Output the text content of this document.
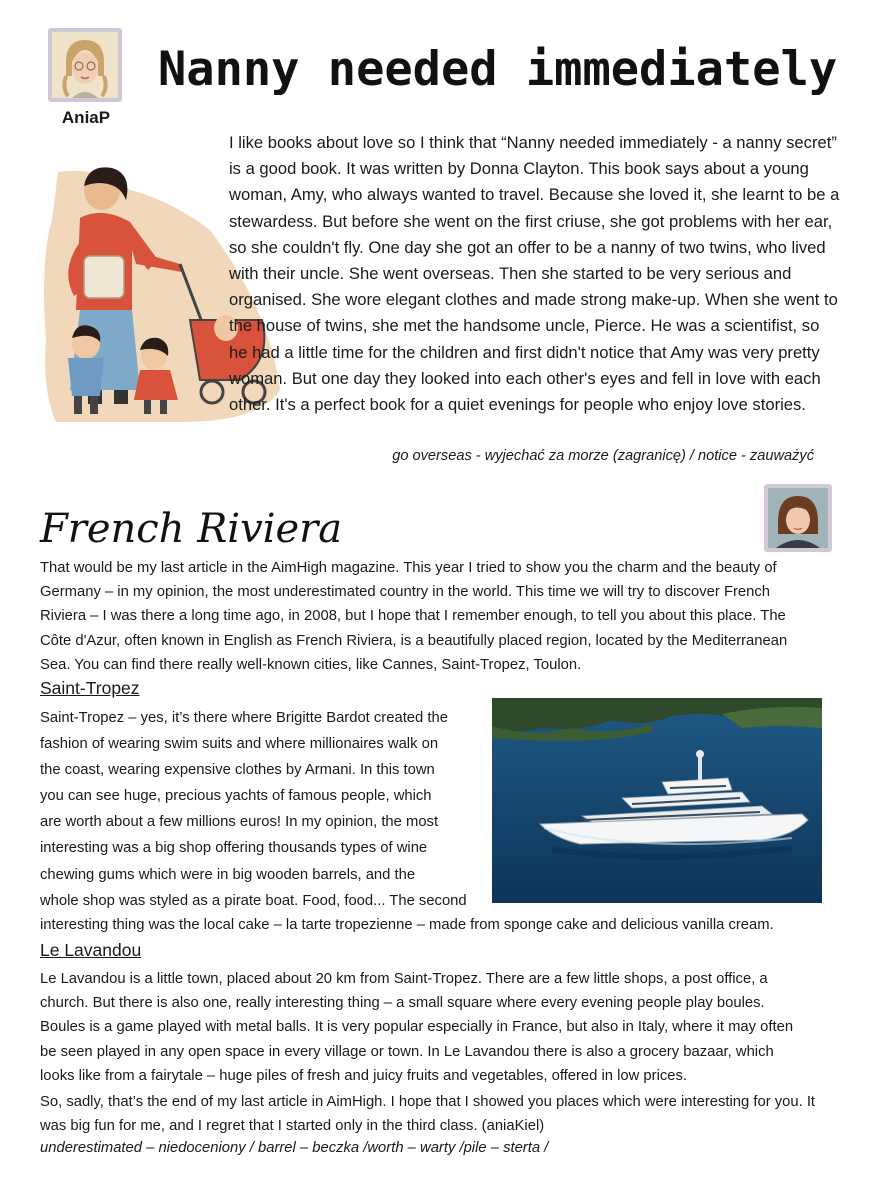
AniaP
Nanny needed immediately
I like books about love so I think that “Nanny needed immediately - a nanny secret” is a good book. It was written by Donna Clayton. This book says about a young woman, Amy, who always wanted to travel. Because she loved it, she learnt to be a stewardess. But before she went on the first criuse, she got problems with her ear, so she couldn't fly. One day she got an offer to be a nanny of two twins, who lived with their uncle. She went overseas. Then she started to be very serious and organised. She wore elegant clothes and made strong make-up. When she went to the house of twins, she met the handsome uncle, Pierce. He was a scientifist, so he had a little time for the children and first didn't notice that Amy was very pretty woman. But one day they looked into each other's eyes and fell in love with each other. It's a perfect book for a quiet evenings for people who enjoy love stories.
go overseas - wyjechać za morze (zagranicę) / notice - zauważyć
French Riviera
That would be my last article in the AimHigh magazine. This year I tried to show you the charm and the beauty of Germany – in my opinion, the most underestimated country in the world. This time we will try to discover French Riviera – I was there a long time ago, in 2008, but I hope that I remember enough, to tell you about this place. The Côte d'Azur, often known in English as French Riviera, is a beautifully placed region, located by the Mediterranean Sea. You can find there really well-known cities, like Cannes, Saint-Tropez, Toulon.
Saint-Tropez
Saint-Tropez – yes, it’s there where Brigitte Bardot created the
fashion of wearing swim suits and where millionaires walk on
the coast, wearing expensive clothes by Armani. In this town
you can see huge, precious yachts of famous people, which
are worth about a few millions euros! In my opinion, the most
interesting was a big shop offering thousands types of wine
chewing gums which were in big wooden barrels, and the
whole shop was styled as a pirate boat. Food, food... The second
interesting thing was the local cake – la tarte tropezienne – made from sponge cake and delicious vanilla cream.
Le Lavandou
Le Lavandou is a little town, placed about 20 km from Saint-Tropez. There are a few little shops, a post office, a church. But there is also one, really interesting thing – a small square where every evening people play boules. Boules is a game played with metal balls. It is very popular especially in France, but also in Italy, where it may often be seen played in any open space in every village or town. In Le Lavandou there is also a grocery bazaar, which looks like from a fairytale – huge piles of fresh and juicy fruits and vegetables, offered in low prices.
So, sadly, that’s the end of my last article in AimHigh. I hope that I showed you places which were interesting for you. It was big fun for me, and I regret that I started only in the third class. (aniaKiel)
underestimated – niedoceniony / barrel – beczka /worth – warty /pile – sterta /
